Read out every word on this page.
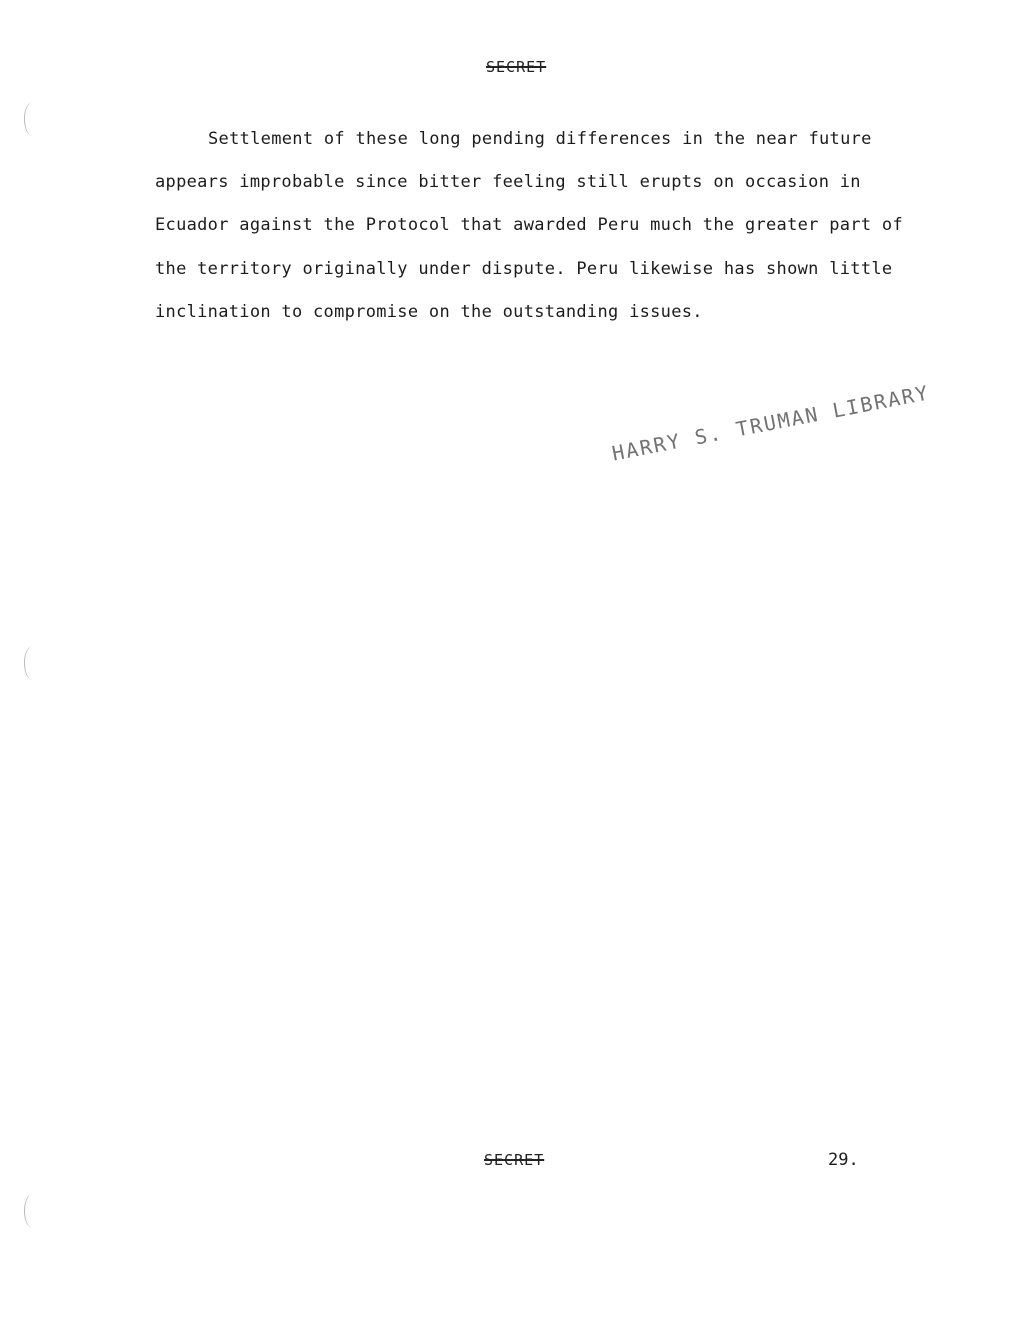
SECRET
Settlement of these long pending differences in the near future
appears improbable since bitter feeling still erupts on occasion in
Ecuador against the Protocol that awarded Peru much the greater part of
the territory originally under dispute. Peru likewise has shown little
inclination to compromise on the outstanding issues.
HARRY S. TRUMAN LIBRARY
SECRET	29.
